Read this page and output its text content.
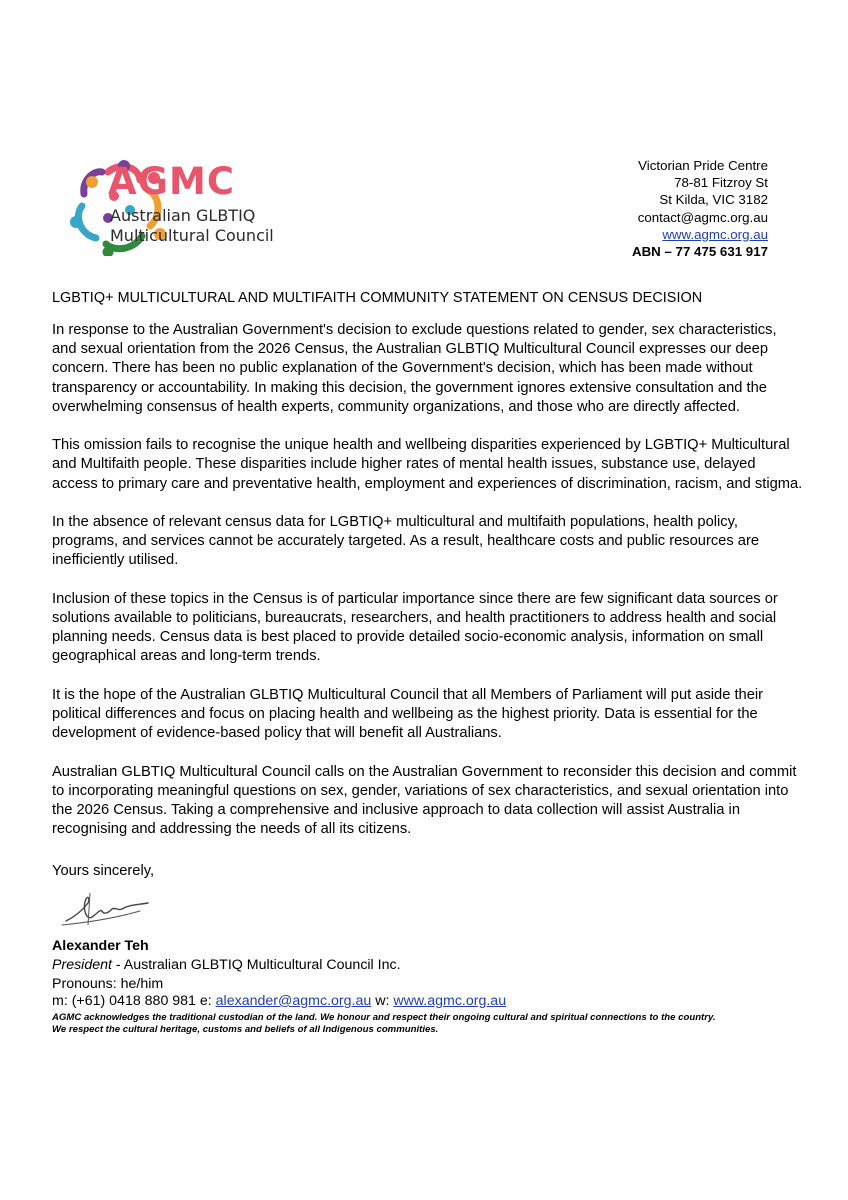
AGMC
Australian GLBTIQ
Multicultural Council
Victorian Pride Centre
78-81 Fitzroy St
St Kilda, VIC 3182
contact@agmc.org.au
www.agmc.org.au
ABN – 77 475 631 917
LGBTIQ+ MULTICULTURAL AND MULTIFAITH COMMUNITY STATEMENT ON CENSUS DECISION

In response to the Australian Government's decision to exclude questions related to gender, sex characteristics, and sexual orientation from the 2026 Census, the Australian GLBTIQ Multicultural Council expresses our deep concern. There has been no public explanation of the Government's decision, which has been made without transparency or accountability. In making this decision, the government ignores extensive consultation and the overwhelming consensus of health experts, community organizations, and those who are directly affected.

This omission fails to recognise the unique health and wellbeing disparities experienced by LGBTIQ+ Multicultural and Multifaith people. These disparities include higher rates of mental health issues, substance use, delayed access to primary care and preventative health, employment and experiences of discrimination, racism, and stigma.

In the absence of relevant census data for LGBTIQ+ multicultural and multifaith populations, health policy, programs, and services cannot be accurately targeted. As a result, healthcare costs and public resources are inefficiently utilised.

Inclusion of these topics in the Census is of particular importance since there are few significant data sources or solutions available to politicians, bureaucrats, researchers, and health practitioners to address health and social planning needs. Census data is best placed to provide detailed socio-economic analysis, information on small geographical areas and long-term trends.

It is the hope of the Australian GLBTIQ Multicultural Council that all Members of Parliament will put aside their political differences and focus on placing health and wellbeing as the highest priority. Data is essential for the development of evidence-based policy that will benefit all Australians.

Australian GLBTIQ Multicultural Council calls on the Australian Government to reconsider this decision and commit to incorporating meaningful questions on sex, gender, variations of sex characteristics, and sexual orientation into the 2026 Census. Taking a comprehensive and inclusive approach to data collection will assist Australia in recognising and addressing the needs of all its citizens.

Yours sincerely,
Alexander Teh
President - Australian GLBTIQ Multicultural Council Inc.
Pronouns: he/him
m: (+61) 0418 880 981 e: alexander@agmc.org.au w: www.agmc.org.au
AGMC acknowledges the traditional custodian of the land. We honour and respect their ongoing cultural and spiritual connections to the country.
We respect the cultural heritage, customs and beliefs of all Indigenous communities.
